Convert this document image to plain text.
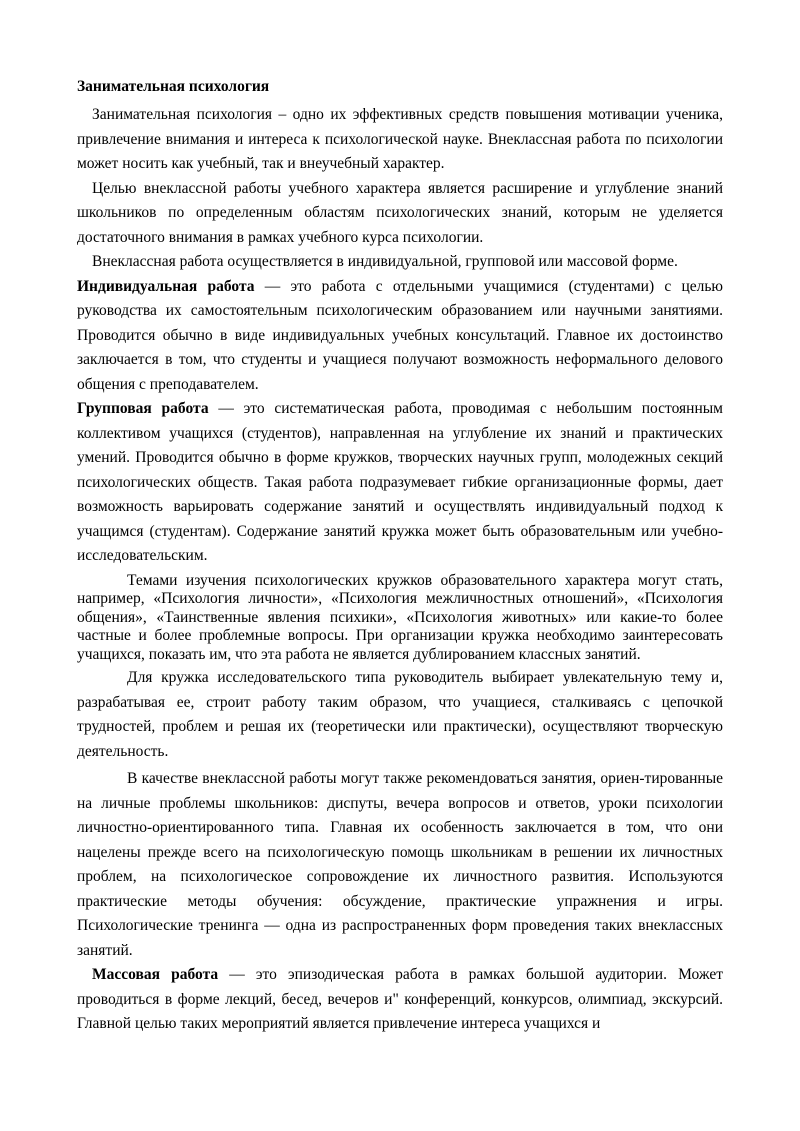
Занимательная психология

Занимательная психология – одно их эффективных средств повышения мотивации ученика, привлечение внимания и интереса к психологической науке. Внеклассная работа по психологии может носить как учебный, так и внеучебный характер.

Целью внеклассной работы учебного характера является расширение и углубление знаний школьников по определенным областям психологических знаний, которым не уделяется достаточного внимания в рамках учебного курса психологии.

Внеклассная работа осуществляется в индивидуальной, групповой или массовой форме.

Индивидуальная работа — это работа с отдельными учащимися (студентами) с целью руководства их самостоятельным психологическим образованием или научными занятиями. Проводится обычно в виде индивидуальных учебных консультаций. Главное их достоинство заключается в том, что студенты и учащиеся получают возможность неформального делового общения с преподавателем.

Групповая работа — это систематическая работа, проводимая с небольшим постоянным коллективом учащихся (студентов), направленная на углубление их знаний и практических умений. Проводится обычно в форме кружков, творческих научных групп, молодежных секций психологических обществ. Такая работа подразумевает гибкие организационные формы, дает возможность варьировать содержание занятий и осуществлять индивидуальный подход к учащимся (студентам). Содержание занятий кружка может быть образовательным или учебно-исследовательским.

Темами изучения психологических кружков образовательного характера могут стать, например, «Психология личности», «Психология межличностных отношений», «Психология общения», «Таинственные явления психики», «Психология животных» или какие-то более частные и более проблемные вопросы. При организации кружка необходимо заинтересовать учащихся, показать им, что эта работа не является дублированием классных занятий.

Для кружка исследовательского типа руководитель выбирает увлекательную тему и, разрабатывая ее, строит работу таким образом, что учащиеся, сталкиваясь с цепочкой трудностей, проблем и решая их (теоретически или практически), осуществляют творческую деятельность.

В качестве внеклассной работы могут также рекомендоваться занятия, ориен-тированные на личные проблемы школьников: диспуты, вечера вопросов и ответов, уроки психологии личностно-ориентированного типа. Главная их особенность заключается в том, что они нацелены прежде всего на психологическую помощь школьникам в решении их личностных проблем, на психологическое сопровождение их личностного развития. Используются практические методы обучения: обсуждение, практические упражнения и игры. Психологические тренинга — одна из распространенных форм проведения таких внеклассных занятий.

Массовая работа — это эпизодическая работа в рамках большой аудитории. Может проводиться в форме лекций, бесед, вечеров и" конференций, конкурсов, олимпиад, экскурсий. Главной целью таких мероприятий является привлечение интереса учащихся и
